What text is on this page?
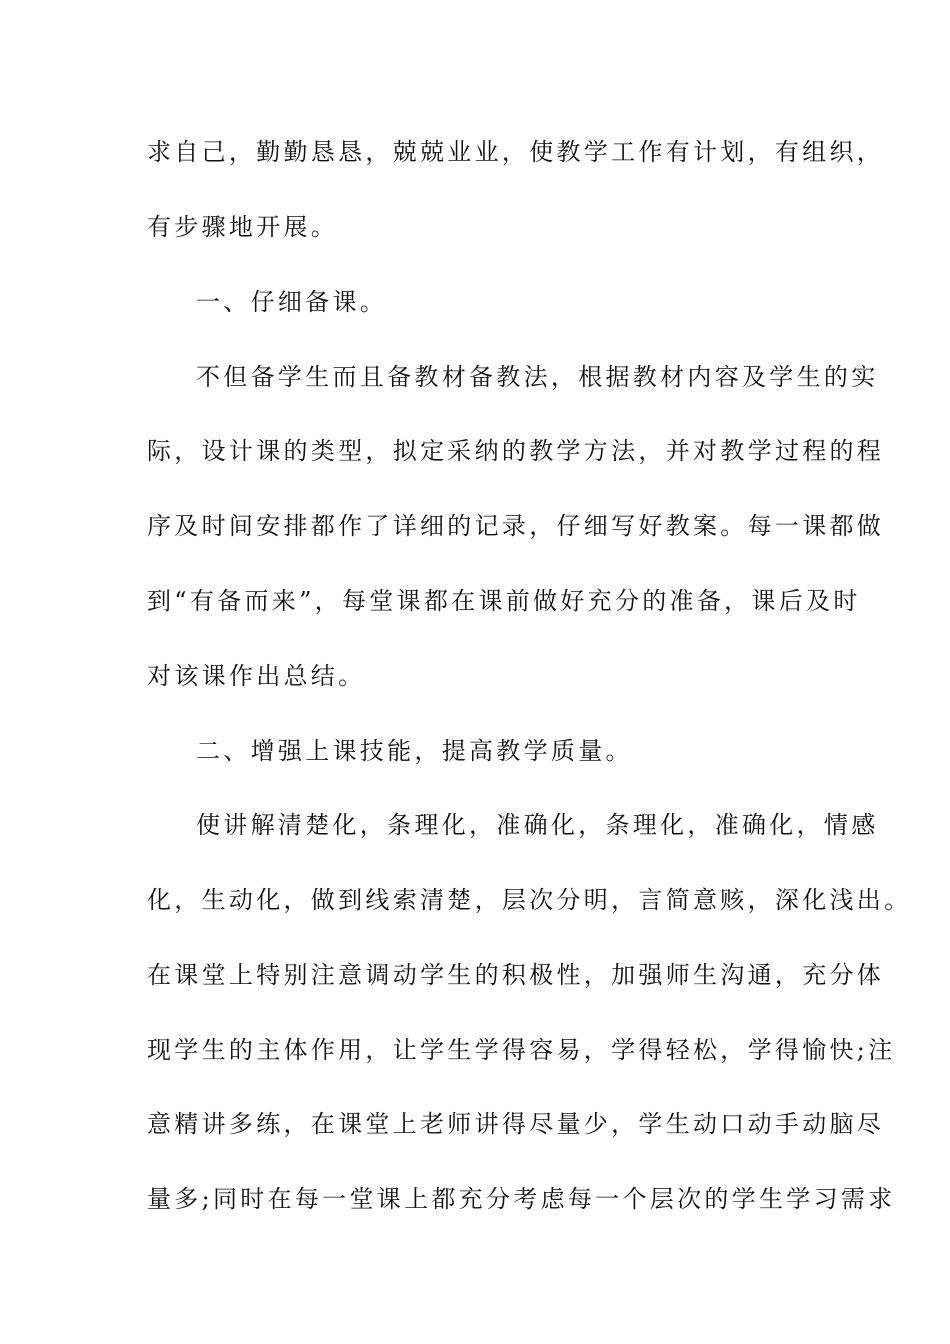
求自己，勤勤恳恳，兢兢业业，使教学工作有计划，有组织，
有步骤地开展。
一、仔细备课。
不但备学生而且备教材备教法，根据教材内容及学生的实
际，设计课的类型，拟定采纳的教学方法，并对教学过程的程
序及时间安排都作了详细的记录，仔细写好教案。每一课都做
到“有备而来”，每堂课都在课前做好充分的准备，课后及时
对该课作出总结。
二、增强上课技能，提高教学质量。
使讲解清楚化，条理化，准确化，条理化，准确化，情感
化，生动化，做到线索清楚，层次分明，言简意赅，深化浅出。
在课堂上特别注意调动学生的积极性，加强师生沟通，充分体
现学生的主体作用，让学生学得容易，学得轻松，学得愉快;注
意精讲多练，在课堂上老师讲得尽量少，学生动口动手动脑尽
量多;同时在每一堂课上都充分考虑每一个层次的学生学习需求
